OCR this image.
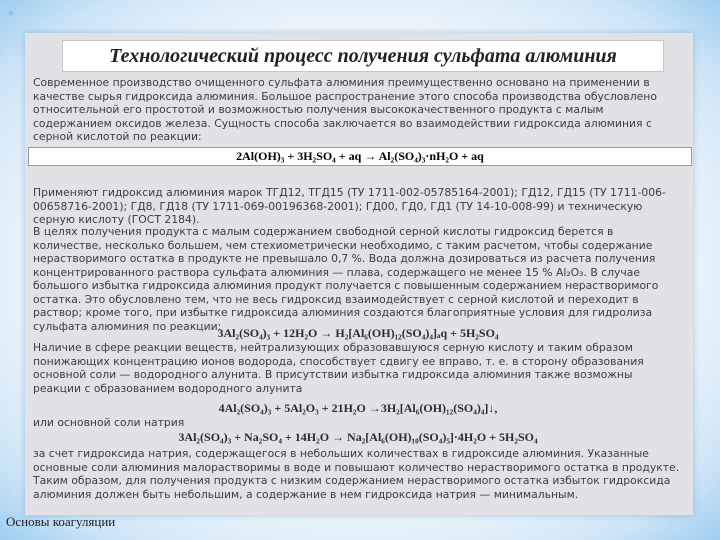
*
Технологический процесс получения сульфата алюминия
Современное производство очищенного сульфата алюминия преимущественно основано на применении в качестве сырья гидроксида алюминия. Большое распространение этого способа производства обусловлено относительной его простотой и возможностью получения высококачественного продукта с малым содержанием оксидов железа. Сущность способа заключается во взаимодействии гидроксида алюминия с серной кислотой по реакции:
2Al(OH)₃ + 3H₂SO₄ + aq → Al₂(SO₄)₃·nH₂O + aq
Применяют гидроксид алюминия марок ТГД12, ТГД15 (ТУ 1711-002-05785164-2001); ГД12, ГД15 (ТУ 1711-006-00658716-2001); ГД8, ГД18 (ТУ 1711-069-00196368-2001); ГД00, ГД0, ГД1 (ТУ 14-10-008-99) и техническую серную кислоту (ГОСТ 2184).
В целях получения продукта с малым содержанием свободной серной кислоты гидроксид берется в количестве, несколько большем, чем стехиометрически необходимо, с таким расчетом, чтобы содержание нерастворимого остатка в продукте не превышало 0,7 %. Вода должна дозироваться из расчета получения концентрированного раствора сульфата алюминия — плава, содержащего не менее 15 % Al₂O₃. В случае большого избытка гидроксида алюминия продукт получается с повышенным содержанием нерастворимого остатка. Это обусловлено тем, что не весь гидроксид взаимодействует с серной кислотой и переходит в раствор; кроме того, при избытке гидроксида алюминия создаются благоприятные условия для гидролиза сульфата алюминия по реакции:
3Al₂(SO₄)₃ + 12H₂O → H₂[Al₆(OH)₁₂(SO₄)₄]ₐq + 5H₂SO₄
Наличие в сфере реакции веществ, нейтрализующих образовавшуюся серную кислоту и таким образом понижающих концентрацию ионов водорода, способствует сдвигу ее вправо, т. е. в сторону образования основной соли — водородного алунита. В присутствии избытка гидроксида алюминия также возможны реакции с образованием водородного алунита
4Al₂(SO₄)₃ + 5Al₂O₃ + 21H₂O →3H₂[Al₆(OH)₁₂(SO₄)₄]↓,
или основной соли натрия
3Al₂(SO₄)₃ + Na₂SO₄ + 14H₂O → Na₂[Al₆(OH)₁₀(SO₄)₅]·4H₂O + 5H₂SO₄
за счет гидроксида натрия, содержащегося в небольших количествах в гидроксиде алюминия. Указанные основные соли алюминия малорастворимы в воде и повышают количество нерастворимого остатка в продукте. Таким образом, для получения продукта с низким содержанием нерастворимого остатка избыток гидроксида алюминия должен быть небольшим, а содержание в нем гидроксида натрия — минимальным.
Основы коагуляции
